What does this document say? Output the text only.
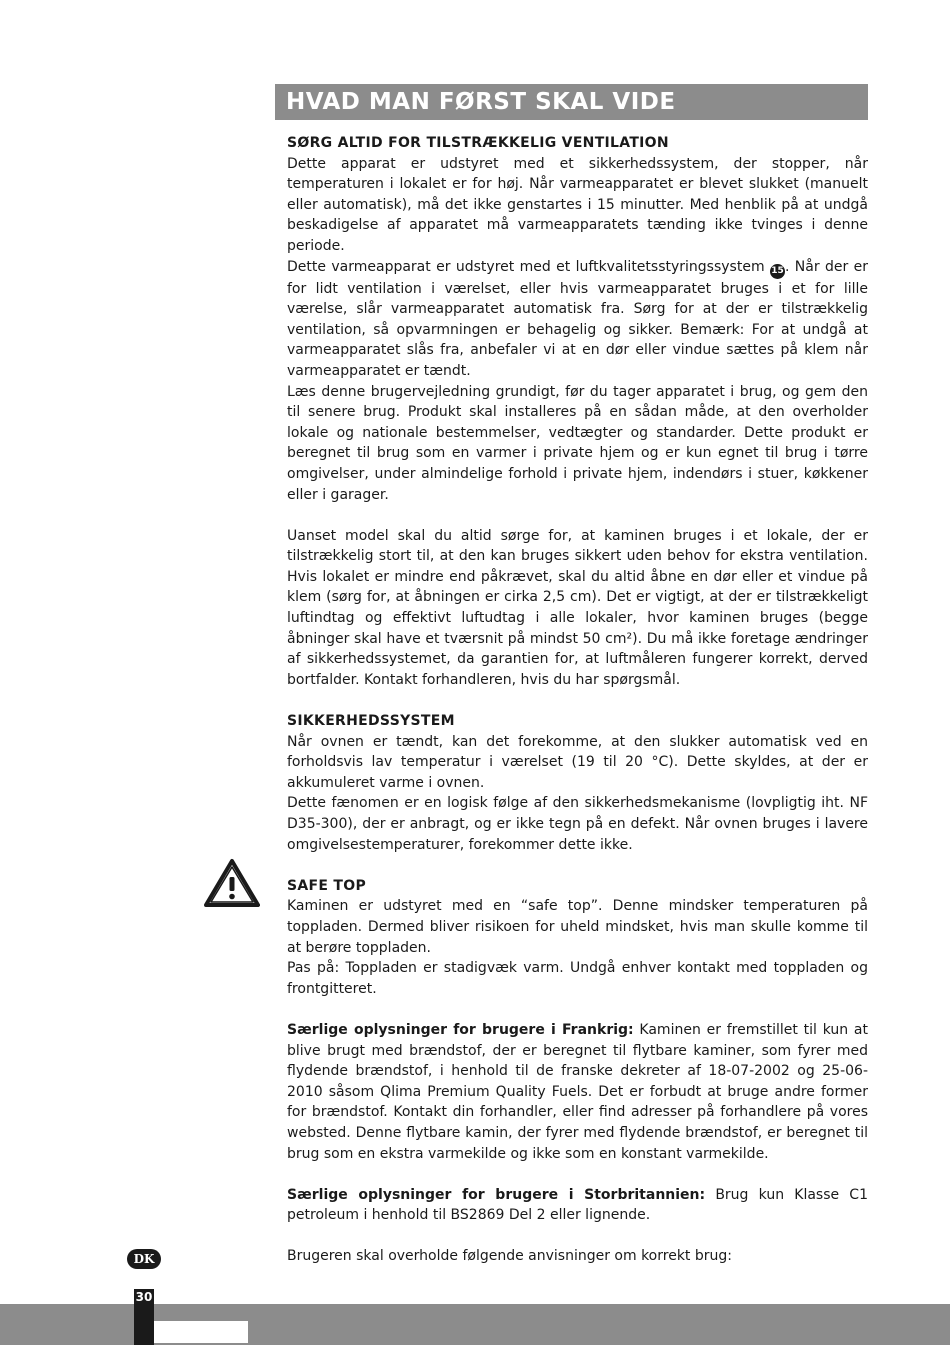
HVAD MAN FØRST SKAL VIDE
SØRG ALTID FOR TILSTRÆKKELIG VENTILATION

Dette apparat er udstyret med et sikkerhedssystem, der stopper, når temperaturen i lokalet er for høj. Når varmeapparatet er blevet slukket (manuelt eller automatisk), må det ikke genstartes i 15 minutter. Med henblik på at undgå beskadigelse af apparatet må varmeapparatets tænding ikke tvinges i denne periode.

Dette varmeapparat er udstyret med et luftkvalitetsstyringssystem 15. Når der er for lidt ventilation i værelset, eller hvis varmeapparatet bruges i et for lille værelse, slår varmeapparatet automatisk fra. Sørg for at der er tilstrækkelig ventilation, så opvarmningen er behagelig og sikker. Bemærk: For at undgå at varmeapparatet slås fra, anbefaler vi at en dør eller vindue sættes på klem når varmeapparatet er tændt.

Læs denne brugervejledning grundigt, før du tager apparatet i brug, og gem den til senere brug. Produkt skal installeres på en sådan måde, at den overholder lokale og nationale bestemmelser, vedtægter og standarder. Dette produkt er beregnet til brug som en varmer i private hjem og er kun egnet til brug i tørre omgivelser, under almindelige forhold i private hjem, indendørs i stuer, køkkener eller i garager.

Uanset model skal du altid sørge for, at kaminen bruges i et lokale, der er tilstrækkelig stort til, at den kan bruges sikkert uden behov for ekstra ventilation. Hvis lokalet er mindre end påkrævet, skal du altid åbne en dør eller et vindue på klem (sørg for, at åbningen er cirka 2,5 cm). Det er vigtigt, at der er tilstrækkeligt luftindtag og effektivt luftudtag i alle lokaler, hvor kaminen bruges (begge åbninger skal have et tværsnit på mindst 50 cm²). Du må ikke foretage ændringer af sikkerhedssystemet, da garantien for, at luftmåleren fungerer korrekt, derved bortfalder. Kontakt forhandleren, hvis du har spørgsmål.

SIKKERHEDSSYSTEM

Når ovnen er tændt, kan det forekomme, at den slukker automatisk ved en forholdsvis lav temperatur i værelset (19 til 20 °C). Dette skyldes, at der er akkumuleret varme i ovnen.

Dette fænomen er en logisk følge af den sikkerhedsmekanisme (lovpligtig iht. NF D35-300), der er anbragt, og er ikke tegn på en defekt. Når ovnen bruges i lavere omgivelsestemperaturer, forekommer dette ikke.

SAFE TOP

Kaminen er udstyret med en “safe top”. Denne mindsker temperaturen på toppladen. Dermed bliver risikoen for uheld mindsket, hvis man skulle komme til at berøre toppladen.

Pas på: Toppladen er stadigvæk varm. Undgå enhver kontakt med toppladen og frontgitteret.

Særlige oplysninger for brugere i Frankrig: Kaminen er fremstillet til kun at blive brugt med brændstof, der er beregnet til flytbare kaminer, som fyrer med flydende brændstof, i henhold til de franske dekreter af 18-07-2002 og 25-06-2010 såsom Qlima Premium Quality Fuels. Det er forbudt at bruge andre former for brændstof. Kontakt din forhandler, eller find adresser på forhandlere på vores websted. Denne flytbare kamin, der fyrer med flydende brændstof, er beregnet til brug som en ekstra varmekilde og ikke som en konstant varmekilde.

Særlige oplysninger for brugere i Storbritannien: Brug kun Klasse C1 petroleum i henhold til BS2869 Del 2 eller lignende.

Brugeren skal overholde følgende anvisninger om korrekt brug:

DK
30
